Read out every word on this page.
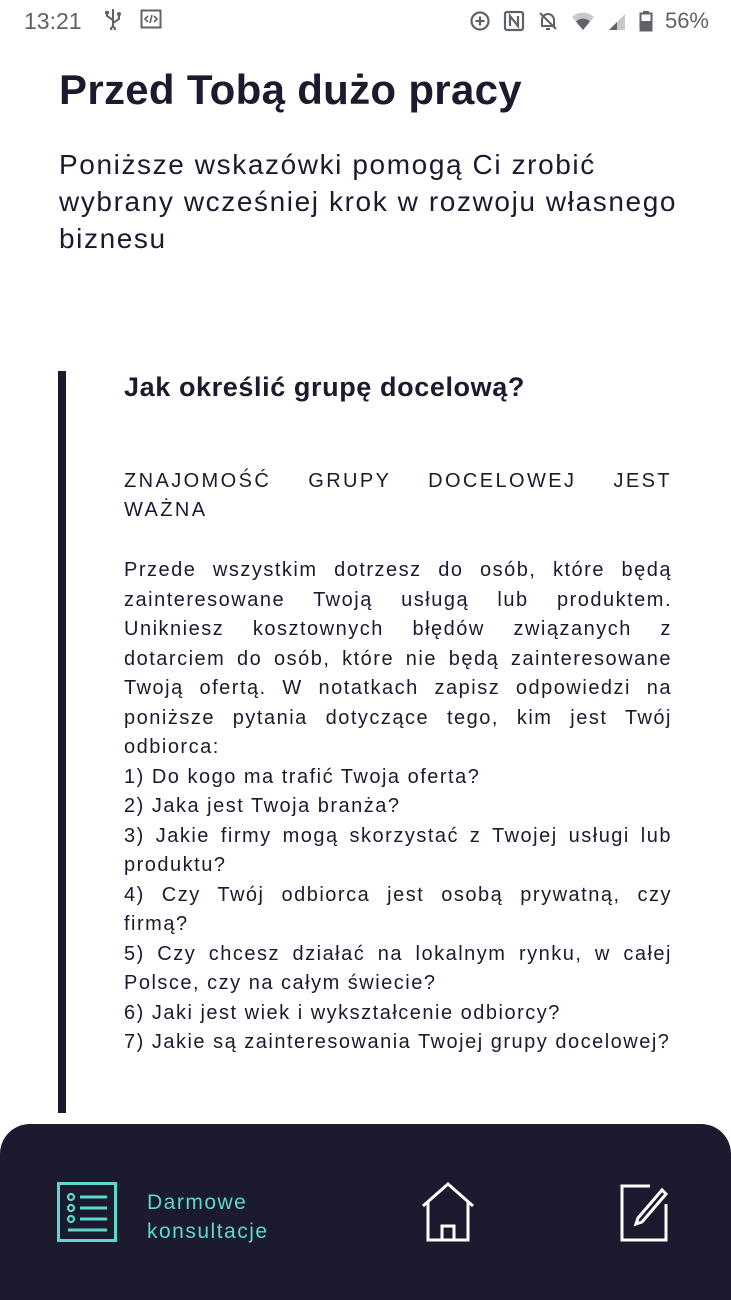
13:21	56%
Przed Tobą dużo pracy

Poniższe wskazówki pomogą Ci zrobić wybrany wcześniej krok w rozwoju własnego biznesu

Jak określić grupę docelową?

ZNAJOMOŚĆ GRUPY DOCELOWEJ JEST WAŻNA

Przede wszystkim dotrzesz do osób, które będą zainteresowane Twoją usługą lub produktem. Unikniesz kosztownych błędów związanych z dotarciem do osób, które nie będą zainteresowane Twoją ofertą. W notatkach zapisz odpowiedzi na poniższe pytania dotyczące tego, kim jest Twój odbiorca:

1) Do kogo ma trafić Twoja oferta?

2) Jaka jest Twoja branża?

3) Jakie firmy mogą skorzystać z Twojej usługi lub produktu?

4) Czy Twój odbiorca jest osobą prywatną, czy firmą?

5) Czy chcesz działać na lokalnym rynku, w całej Polsce, czy na całym świecie?

6) Jaki jest wiek i wykształcenie odbiorcy?

7) Jakie są zainteresowania Twojej grupy docelowej?

Darmowe
konsultacje
